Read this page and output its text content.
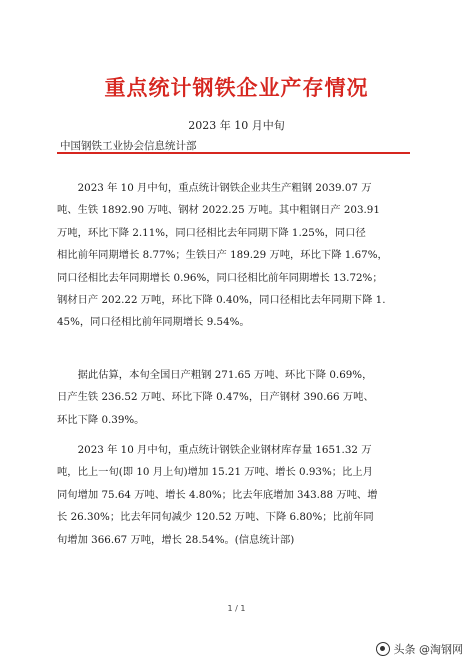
重点统计钢铁企业产存情况
2023 年 10 月中旬
中国钢铁工业协会信息统计部
　　2023 年 10 月中旬，重点统计钢铁企业共生产粗钢 2039.07 万
吨、生铁 1892.90 万吨、钢材 2022.25 万吨。其中粗钢日产 203.91
万吨，环比下降 2.11%，同口径相比去年同期下降 1.25%，同口径
相比前年同期增长 8.77%；生铁日产 189.29 万吨，环比下降 1.67%，
同口径相比去年同期增长 0.96%，同口径相比前年同期增长 13.72%；
钢材日产 202.22 万吨，环比下降 0.40%，同口径相比去年同期下降 1.
45%，同口径相比前年同期增长 9.54%。
　　据此估算，本旬全国日产粗钢 271.65 万吨、环比下降 0.69%，
日产生铁 236.52 万吨、环比下降 0.47%，日产钢材 390.66 万吨、
环比下降 0.39%。
　　2023 年 10 月中旬，重点统计钢铁企业钢材库存量 1651.32 万
吨，比上一旬(即 10 月上旬)增加 15.21 万吨、增长 0.93%；比上月
同旬增加 75.64 万吨、增长 4.80%；比去年底增加 343.88 万吨、增
长 26.30%；比去年同旬减少 120.52 万吨、下降 6.80%；比前年同
旬增加 366.67 万吨，增长 28.54%。(信息统计部)
1 / 1
头条 @淘钢网
